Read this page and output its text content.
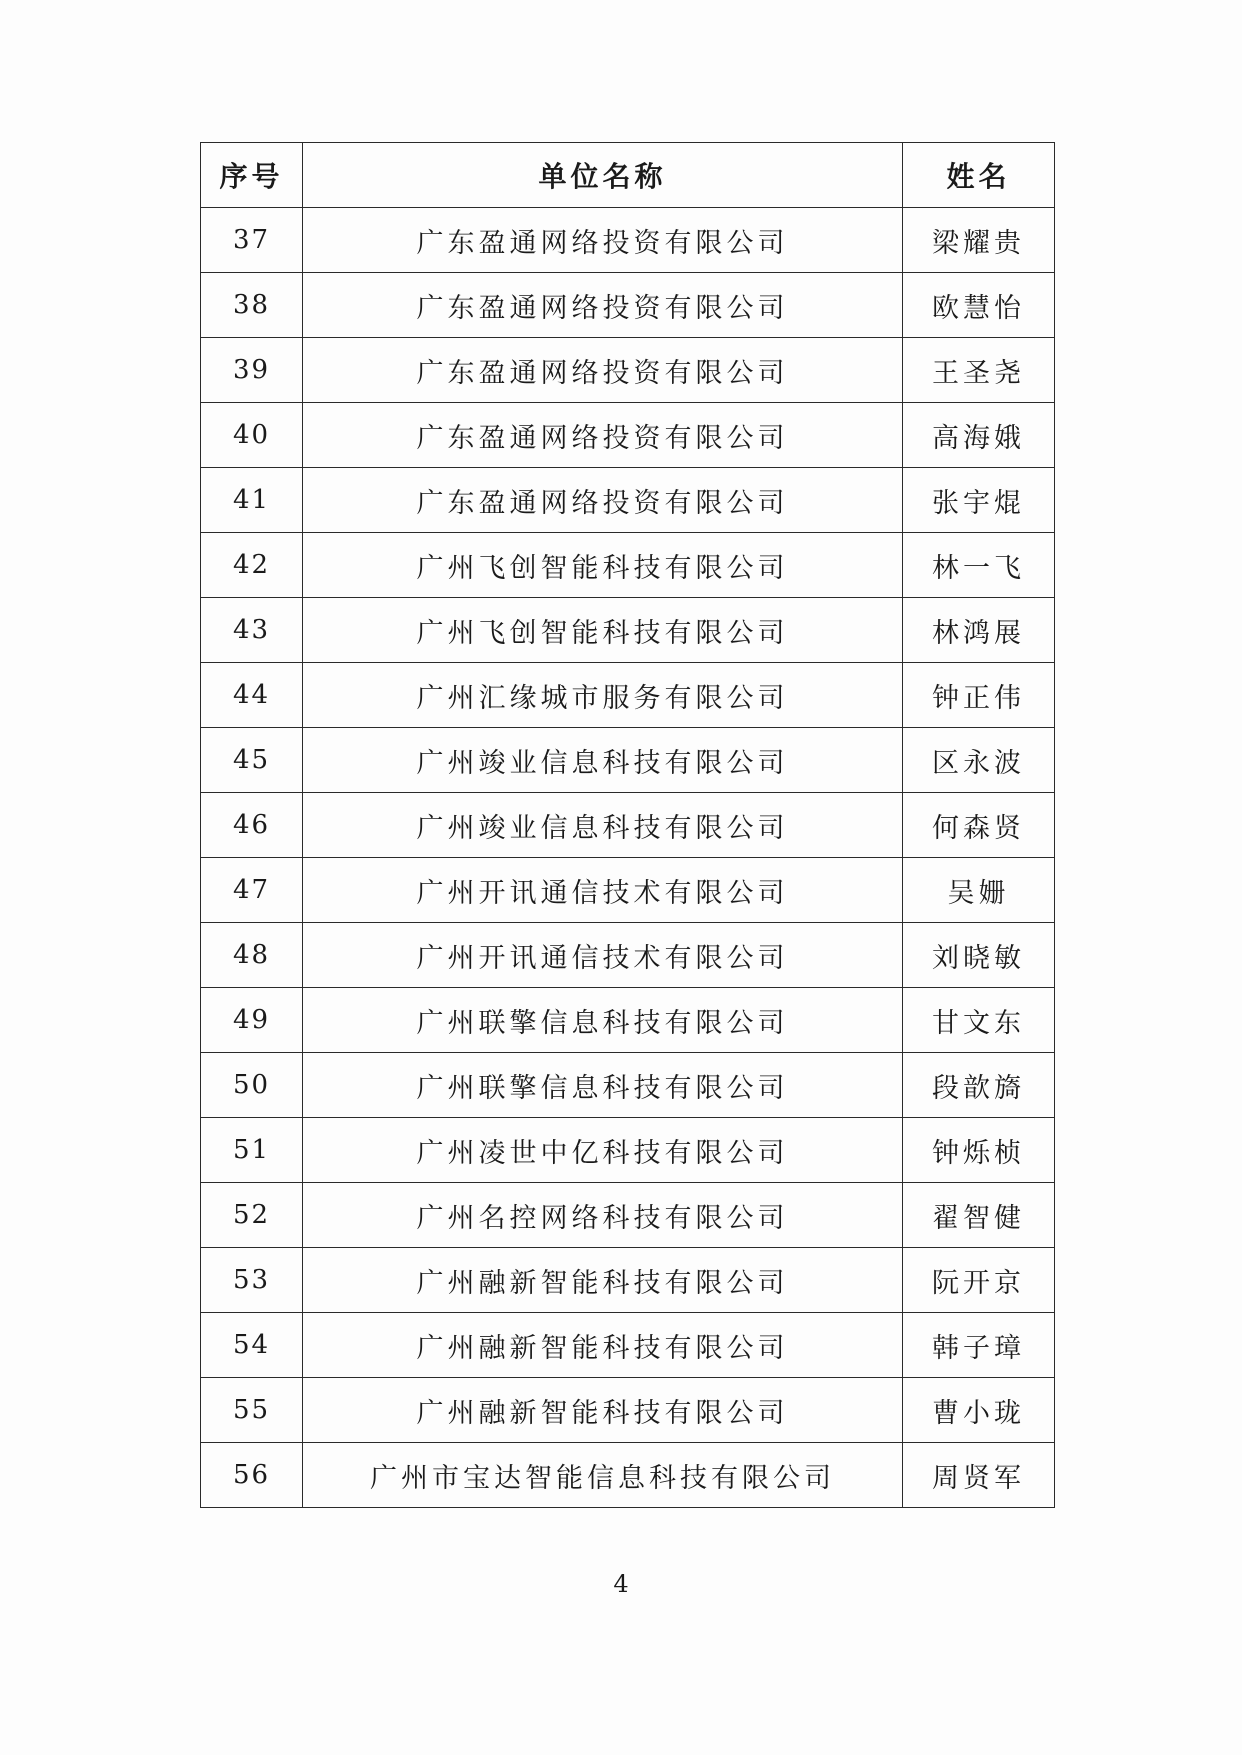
序号	单位名称	姓名
37	广东盈通网络投资有限公司	梁耀贵
38	广东盈通网络投资有限公司	欧慧怡
39	广东盈通网络投资有限公司	王圣尧
40	广东盈通网络投资有限公司	高海娥
41	广东盈通网络投资有限公司	张宇焜
42	广州飞创智能科技有限公司	林一飞
43	广州飞创智能科技有限公司	林鸿展
44	广州汇缘城市服务有限公司	钟正伟
45	广州竣业信息科技有限公司	区永波
46	广州竣业信息科技有限公司	何森贤
47	广州开讯通信技术有限公司	吴姗
48	广州开讯通信技术有限公司	刘晓敏
49	广州联擎信息科技有限公司	甘文东
50	广州联擎信息科技有限公司	段歆旖
51	广州凌世中亿科技有限公司	钟烁桢
52	广州名控网络科技有限公司	翟智健
53	广州融新智能科技有限公司	阮开京
54	广州融新智能科技有限公司	韩子璋
55	广州融新智能科技有限公司	曹小珑
56	广州市宝达智能信息科技有限公司	周贤军
4
